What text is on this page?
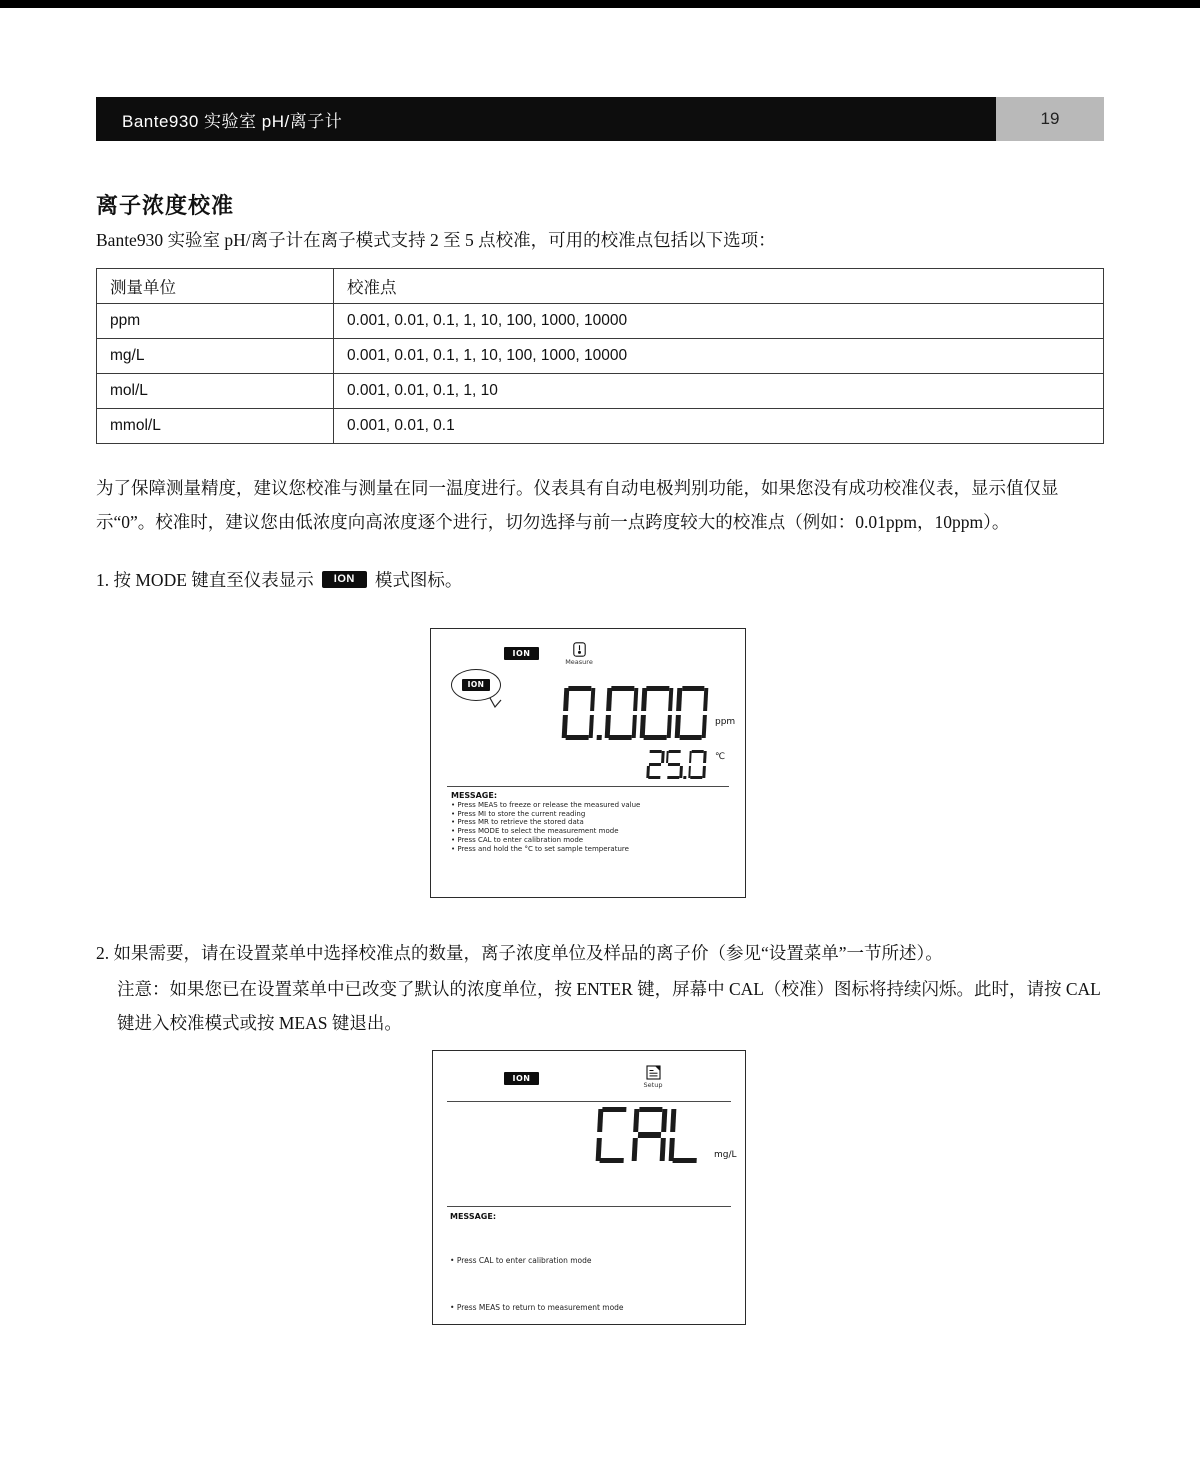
Bante930 实验室 pH/离子计	19
离子浓度校准

Bante930 实验室 pH/离子计在离子模式支持 2 至 5 点校准，可用的校准点包括以下选项：

测量单位	校准点
ppm	0.001, 0.01, 0.1, 1, 10, 100, 1000, 10000
mg/L	0.001, 0.01, 0.1, 1, 10, 100, 1000, 10000
mol/L	0.001, 0.01, 0.1, 1, 10
mmol/L	0.001, 0.01, 0.1

为了保障测量精度，建议您校准与测量在同一温度进行。仪表具有自动电极判别功能，如果您没有成功校准仪表，显示值仅显示“0”。校准时，建议您由低浓度向高浓度逐个进行，切勿选择与前一点跨度较大的校准点（例如：0.01ppm，10ppm）。

1. 按 MODE 键直至仪表显示	ION	模式图标。
ION
Measure
ION
ppm
℃
MESSAGE:
• Press MEAS to freeze or release the measured value
• Press MI to store the current reading
• Press MR to retrieve the stored data
• Press MODE to select the measurement mode
• Press CAL to enter calibration mode
• Press and hold the °C to set sample temperature
2. 如果需要，请在设置菜单中选择校准点的数量，离子浓度单位及样品的离子价（参见“设置菜单”一节所述）。
注意：如果您已在设置菜单中已改变了默认的浓度单位，按 ENTER 键，屏幕中 CAL（校准）图标将持续闪烁。此时，请按 CAL 键进入校准模式或按 MEAS 键退出。
ION
Setup
mg/L
MESSAGE:
• Press CAL to enter calibration mode
• Press MEAS to return to measurement mode
